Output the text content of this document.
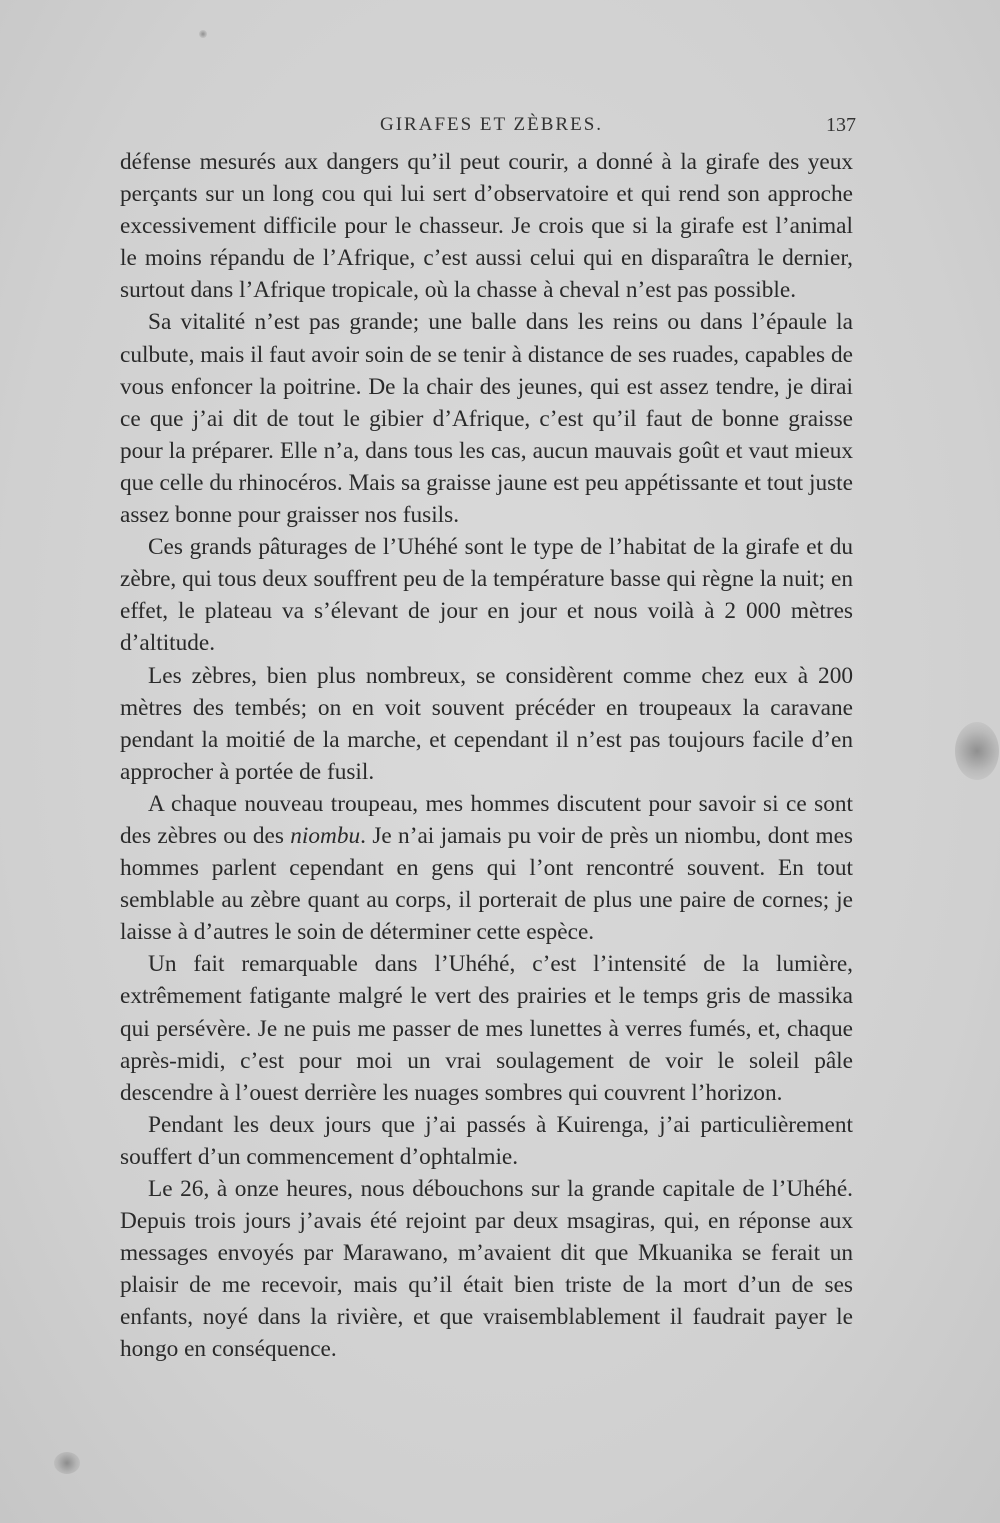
GIRAFES ET ZÈBRES.	137

défense mesurés aux dangers qu’il peut courir, a donné à la girafe des yeux perçants sur un long cou qui lui sert d’observatoire et qui rend son approche excessivement difficile pour le chasseur. Je crois que si la girafe est l’animal le moins répandu de l’Afrique, c’est aussi celui qui en disparaîtra le dernier, surtout dans l’Afrique tropicale, où la chasse à cheval n’est pas possible.

Sa vitalité n’est pas grande; une balle dans les reins ou dans l’épaule la culbute, mais il faut avoir soin de se tenir à distance de ses ruades, capables de vous enfoncer la poitrine. De la chair des jeunes, qui est assez tendre, je dirai ce que j’ai dit de tout le gibier d’Afrique, c’est qu’il faut de bonne graisse pour la préparer. Elle n’a, dans tous les cas, aucun mauvais goût et vaut mieux que celle du rhinocéros. Mais sa graisse jaune est peu appétissante et tout juste assez bonne pour graisser nos fusils.

Ces grands pâturages de l’Uhéhé sont le type de l’habitat de la girafe et du zèbre, qui tous deux souffrent peu de la température basse qui règne la nuit; en effet, le plateau va s’élevant de jour en jour et nous voilà à 2 000 mètres d’altitude.

Les zèbres, bien plus nombreux, se considèrent comme chez eux à 200 mètres des tembés; on en voit souvent précéder en troupeaux la caravane pendant la moitié de la marche, et cependant il n’est pas toujours facile d’en approcher à portée de fusil.

A chaque nouveau troupeau, mes hommes discutent pour savoir si ce sont des zèbres ou des niombu. Je n’ai jamais pu voir de près un niombu, dont mes hommes parlent cependant en gens qui l’ont rencontré souvent. En tout semblable au zèbre quant au corps, il porterait de plus une paire de cornes; je laisse à d’autres le soin de déterminer cette espèce.

Un fait remarquable dans l’Uhéhé, c’est l’intensité de la lumière, extrêmement fatigante malgré le vert des prairies et le temps gris de massika qui persévère. Je ne puis me passer de mes lunettes à verres fumés, et, chaque après-midi, c’est pour moi un vrai soulagement de voir le soleil pâle descendre à l’ouest derrière les nuages sombres qui couvrent l’horizon.

Pendant les deux jours que j’ai passés à Kuirenga, j’ai particulièrement souffert d’un commencement d’ophtalmie.

Le 26, à onze heures, nous débouchons sur la grande capitale de l’Uhéhé. Depuis trois jours j’avais été rejoint par deux msagiras, qui, en réponse aux messages envoyés par Marawano, m’avaient dit que Mkuanika se ferait un plaisir de me recevoir, mais qu’il était bien triste de la mort d’un de ses enfants, noyé dans la rivière, et que vraisemblablement il faudrait payer le hongo en conséquence.
